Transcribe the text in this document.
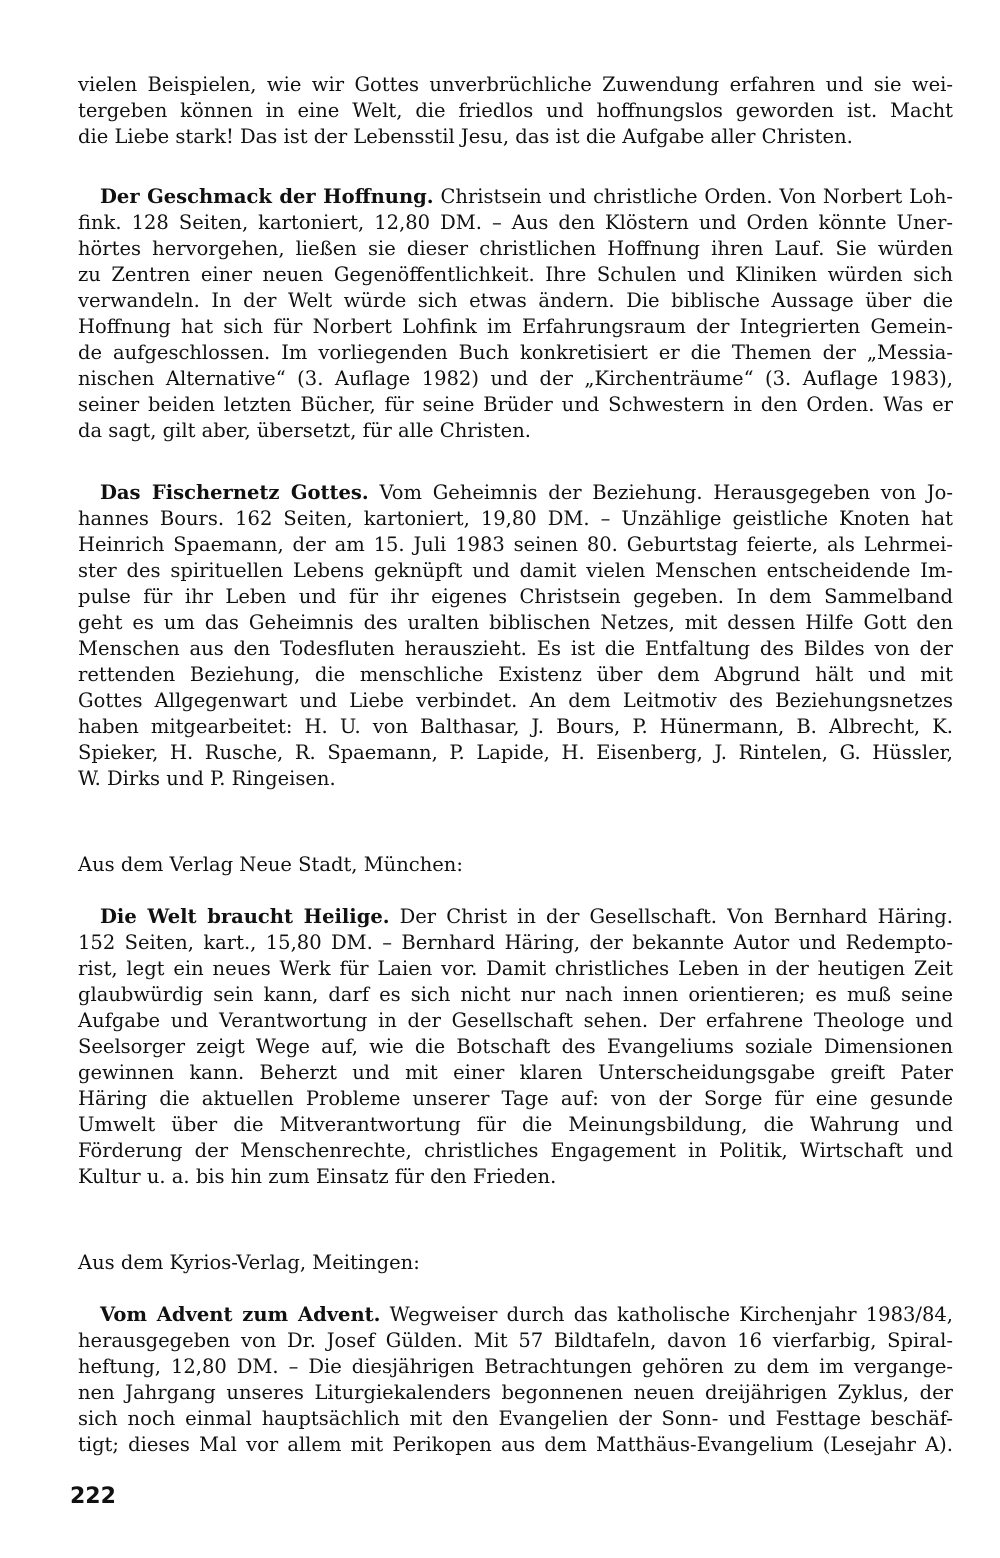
vielen Beispielen, wie wir Gottes unverbrüchliche Zuwendung erfahren und sie wei-
tergeben können in eine Welt, die friedlos und hoffnungslos geworden ist. Macht
die Liebe stark! Das ist der Lebensstil Jesu, das ist die Aufgabe aller Christen.
Der Geschmack der Hoffnung. Christsein und christliche Orden. Von Norbert Loh-
fink. 128 Seiten, kartoniert, 12,80 DM. – Aus den Klöstern und Orden könnte Uner-
hörtes hervorgehen, ließen sie dieser christlichen Hoffnung ihren Lauf. Sie würden
zu Zentren einer neuen Gegenöffentlichkeit. Ihre Schulen und Kliniken würden sich
verwandeln. In der Welt würde sich etwas ändern. Die biblische Aussage über die
Hoffnung hat sich für Norbert Lohfink im Erfahrungsraum der Integrierten Gemein-
de aufgeschlossen. Im vorliegenden Buch konkretisiert er die Themen der „Messia-
nischen Alternative“ (3. Auflage 1982) und der „Kirchenträume“ (3. Auflage 1983),
seiner beiden letzten Bücher, für seine Brüder und Schwestern in den Orden. Was er
da sagt, gilt aber, übersetzt, für alle Christen.
Das Fischernetz Gottes. Vom Geheimnis der Beziehung. Herausgegeben von Jo-
hannes Bours. 162 Seiten, kartoniert, 19,80 DM. – Unzählige geistliche Knoten hat
Heinrich Spaemann, der am 15. Juli 1983 seinen 80. Geburtstag feierte, als Lehrmei-
ster des spirituellen Lebens geknüpft und damit vielen Menschen entscheidende Im-
pulse für ihr Leben und für ihr eigenes Christsein gegeben. In dem Sammelband
geht es um das Geheimnis des uralten biblischen Netzes, mit dessen Hilfe Gott den
Menschen aus den Todesfluten herauszieht. Es ist die Entfaltung des Bildes von der
rettenden Beziehung, die menschliche Existenz über dem Abgrund hält und mit
Gottes Allgegenwart und Liebe verbindet. An dem Leitmotiv des Beziehungsnetzes
haben mitgearbeitet: H. U. von Balthasar, J. Bours, P. Hünermann, B. Albrecht, K.
Spieker, H. Rusche, R. Spaemann, P. Lapide, H. Eisenberg, J. Rintelen, G. Hüssler,
W. Dirks und P. Ringeisen.
Aus dem Verlag Neue Stadt, München:
Die Welt braucht Heilige. Der Christ in der Gesellschaft. Von Bernhard Häring.
152 Seiten, kart., 15,80 DM. – Bernhard Häring, der bekannte Autor und Redempto-
rist, legt ein neues Werk für Laien vor. Damit christliches Leben in der heutigen Zeit
glaubwürdig sein kann, darf es sich nicht nur nach innen orientieren; es muß seine
Aufgabe und Verantwortung in der Gesellschaft sehen. Der erfahrene Theologe und
Seelsorger zeigt Wege auf, wie die Botschaft des Evangeliums soziale Dimensionen
gewinnen kann. Beherzt und mit einer klaren Unterscheidungsgabe greift Pater
Häring die aktuellen Probleme unserer Tage auf: von der Sorge für eine gesunde
Umwelt über die Mitverantwortung für die Meinungsbildung, die Wahrung und
Förderung der Menschenrechte, christliches Engagement in Politik, Wirtschaft und
Kultur u. a. bis hin zum Einsatz für den Frieden.
Aus dem Kyrios-Verlag, Meitingen:
Vom Advent zum Advent. Wegweiser durch das katholische Kirchenjahr 1983/84,
herausgegeben von Dr. Josef Gülden. Mit 57 Bildtafeln, davon 16 vierfarbig, Spiral-
heftung, 12,80 DM. – Die diesjährigen Betrachtungen gehören zu dem im vergange-
nen Jahrgang unseres Liturgiekalenders begonnenen neuen dreijährigen Zyklus, der
sich noch einmal hauptsächlich mit den Evangelien der Sonn- und Festtage beschäf-
tigt; dieses Mal vor allem mit Perikopen aus dem Matthäus-Evangelium (Lesejahr A).
222
